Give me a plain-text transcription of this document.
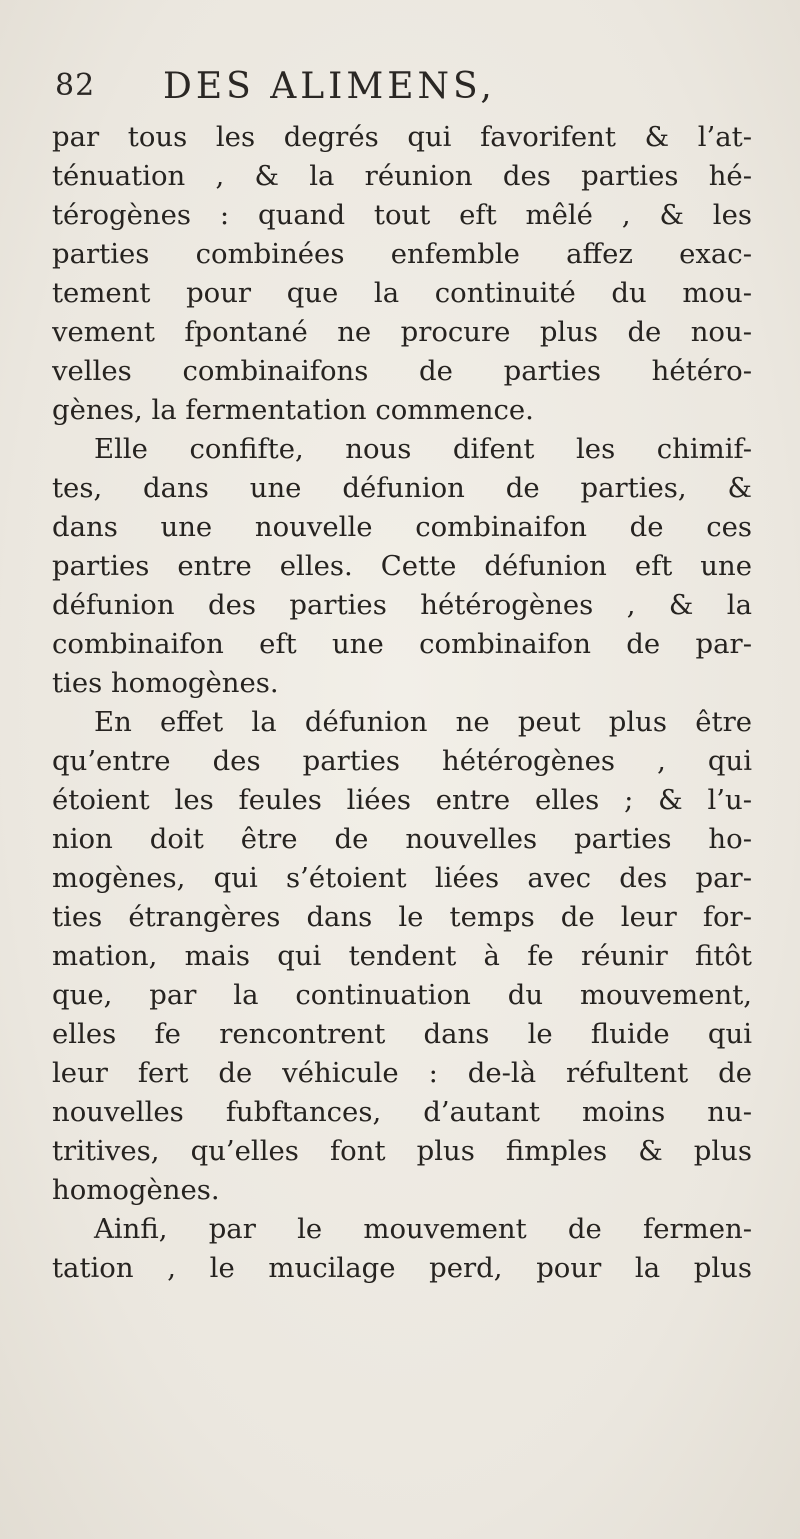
82 DES ALIMENS,
par tous les degrés qui favorifent & l’at-
ténuation , & la réunion des parties hé-
térogènes : quand tout eft mêlé , & les
parties combinées enfemble affez exac-
tement pour que la continuité du mou-
vement fpontané ne procure plus de nou-
velles combinaifons de parties hétéro-
gènes, la fermentation commence.
Elle confifte, nous difent les chimif-
tes, dans une défunion de parties, &
dans une nouvelle combinaifon de ces
parties entre elles. Cette défunion eft une
défunion des parties hétérogènes , & la
combinaifon eft une combinaifon de par-
ties homogènes.
En effet la défunion ne peut plus être
qu’entre des parties hétérogènes , qui
étoient les feules liées entre elles ; & l’u-
nion doit être de nouvelles parties ho-
mogènes, qui s’étoient liées avec des par-
ties étrangères dans le temps de leur for-
mation, mais qui tendent à fe réunir fitôt
que, par la continuation du mouvement,
elles fe rencontrent dans le fluide qui
leur fert de véhicule : de-là réfultent de
nouvelles fubftances, d’autant moins nu-
tritives, qu’elles font plus fimples & plus
homogènes.
Ainfi, par le mouvement de fermen-
tation , le mucilage perd, pour la plus
